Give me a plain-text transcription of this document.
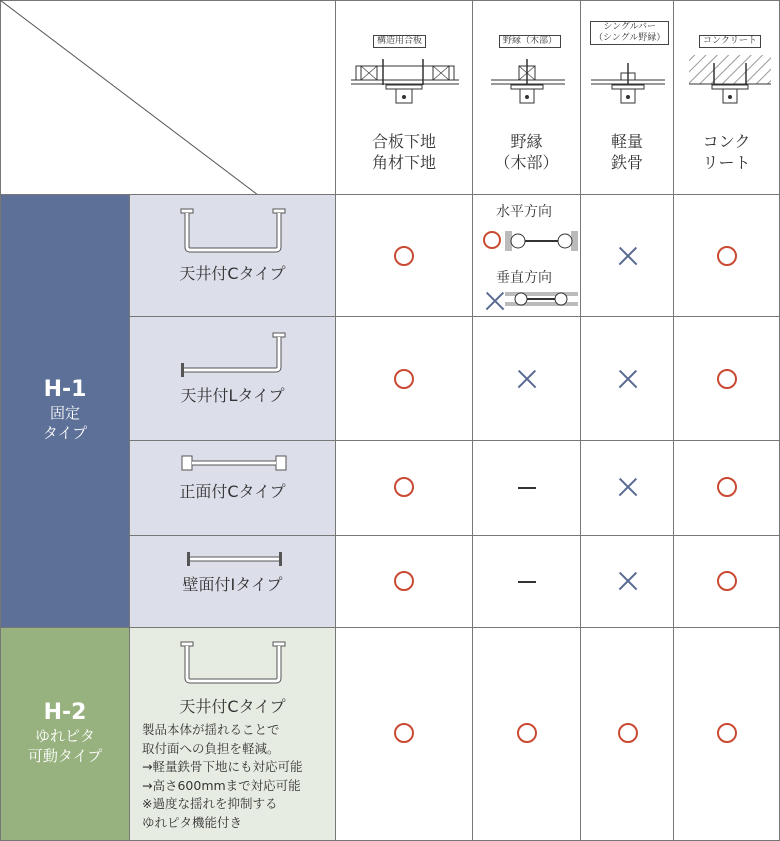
構造用合板
合板下地
角材下地
野縁（木部）
野縁
（木部）
シングルバー
（シングル野縁）
軽量
鉄骨
コンクリート
コンク
リート
H-1
固定
タイプ
H-2
ゆれピタ
可動タイプ
天井付Cタイプ
水平方向
垂直方向
天井付Lタイプ
正面付Cタイプ
壁面付Iタイプ
天井付Cタイプ
製品本体が揺れることで
取付面への負担を軽減。
→軽量鉄骨下地にも対応可能
→高さ600mmまで対応可能
※過度な揺れを抑制する
ゆれピタ機能付き
